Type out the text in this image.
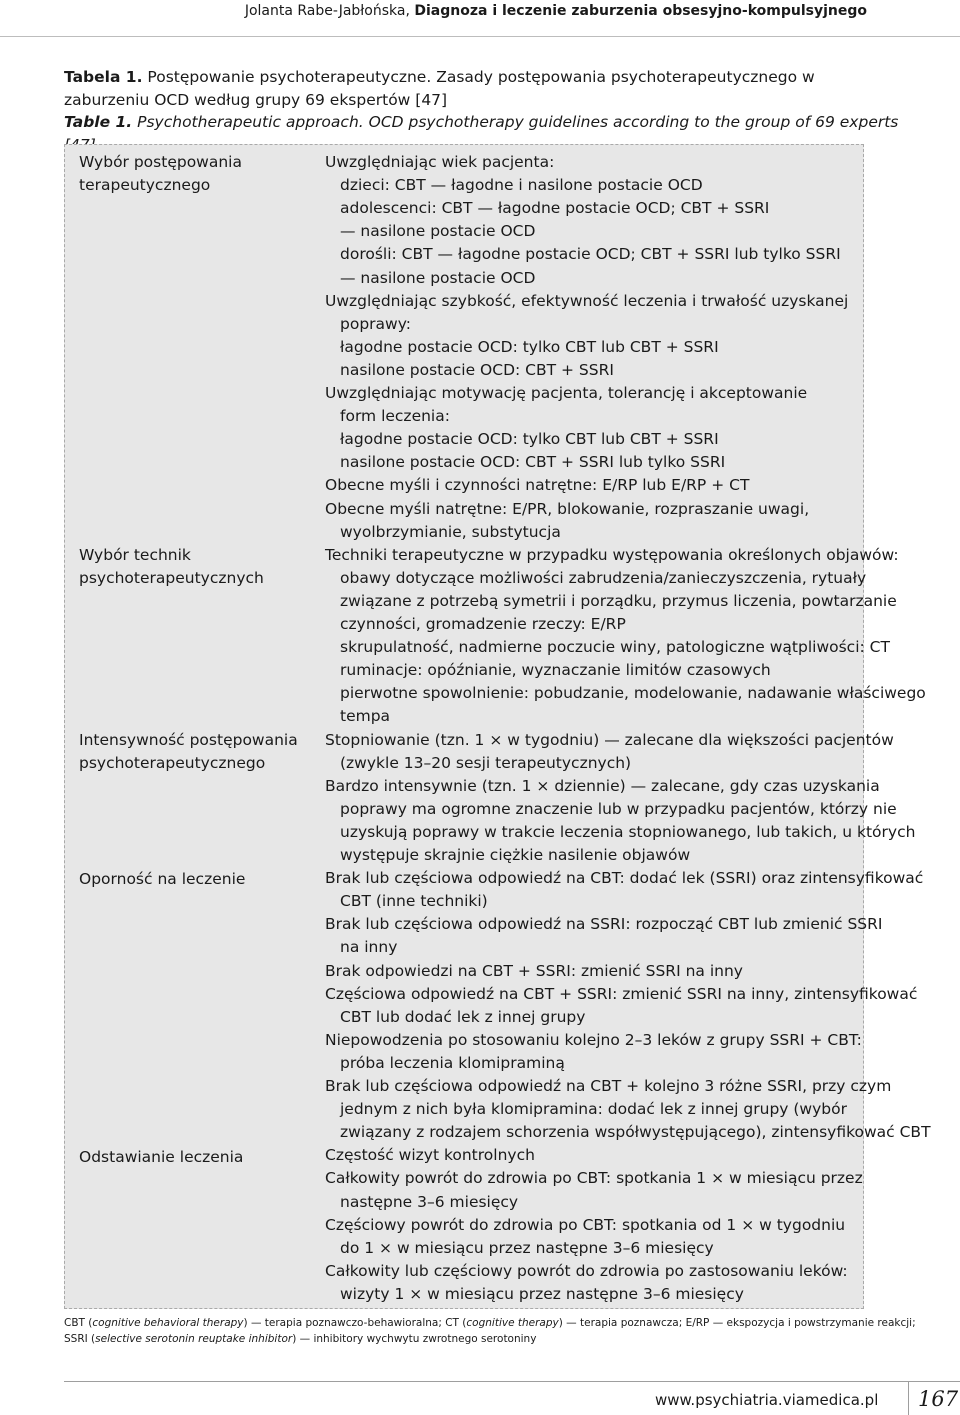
Jolanta Rabe-Jabłońska, Diagnoza i leczenie zaburzenia obsesyjno-kompulsyjnego
Tabela 1. Postępowanie psychoterapeutyczne. Zasady postępowania psychoterapeutycznego w zaburzeniu OCD według grupy 69 ekspertów [47]
Table 1. Psychotherapeutic approach. OCD psychotherapy guidelines according to the group of 69 experts
Wybór postępowania
terapeutycznego
Wybór technik
psychoterapeutycznych
Intensywność postępowania
psychoterapeutycznego
Oporność na leczenie
Odstawianie leczenia
Uwzględniając wiek pacjenta:
dzieci: CBT — łagodne i nasilone postacie OCD
adolescenci: CBT — łagodne postacie OCD; CBT + SSRI
— nasilone postacie OCD
dorośli: CBT — łagodne postacie OCD; CBT + SSRI lub tylko SSRI
— nasilone postacie OCD
Uwzględniając szybkość, efektywność leczenia i trwałość uzyskanej
poprawy:
łagodne postacie OCD: tylko CBT lub CBT + SSRI
nasilone postacie OCD: CBT + SSRI
Uwzględniając motywację pacjenta, tolerancję i akceptowanie
form leczenia:
łagodne postacie OCD: tylko CBT lub CBT + SSRI
nasilone postacie OCD: CBT + SSRI lub tylko SSRI
Obecne myśli i czynności natrętne: E/RP lub E/RP + CT
Obecne myśli natrętne: E/PR, blokowanie, rozpraszanie uwagi,
wyolbrzymianie, substytucja
Techniki terapeutyczne w przypadku występowania określonych objawów:
obawy dotyczące możliwości zabrudzenia/zanieczyszczenia, rytuały
związane z potrzebą symetrii i porządku, przymus liczenia, powtarzanie
czynności, gromadzenie rzeczy: E/RP
skrupulatność, nadmierne poczucie winy, patologiczne wątpliwości: CT
ruminacje: opóźnianie, wyznaczanie limitów czasowych
pierwotne spowolnienie: pobudzanie, modelowanie, nadawanie właściwego
tempa
Stopniowanie (tzn. 1 × w tygodniu) — zalecane dla większości pacjentów
(zwykle 13–20 sesji terapeutycznych)
Bardzo intensywnie (tzn. 1 × dziennie) — zalecane, gdy czas uzyskania
poprawy ma ogromne znaczenie lub w przypadku pacjentów, którzy nie
uzyskują poprawy w trakcie leczenia stopniowanego, lub takich, u których
występuje skrajnie ciężkie nasilenie objawów
Brak lub częściowa odpowiedź na CBT: dodać lek (SSRI) oraz zintensyfikować
CBT (inne techniki)
Brak lub częściowa odpowiedź na SSRI: rozpocząć CBT lub zmienić SSRI
na inny
Brak odpowiedzi na CBT + SSRI: zmienić SSRI na inny
Częściowa odpowiedź na CBT + SSRI: zmienić SSRI na inny, zintensyfikować
CBT lub dodać lek z innej grupy
Niepowodzenia po stosowaniu kolejno 2–3 leków z grupy SSRI + CBT:
próba leczenia klomipraminą
Brak lub częściowa odpowiedź na CBT + kolejno 3 różne SSRI, przy czym
jednym z nich była klomipramina: dodać lek z innej grupy (wybór
związany z rodzajem schorzenia współwystępującego), zintensyfikować CBT
Częstość wizyt kontrolnych
Całkowity powrót do zdrowia po CBT: spotkania 1 × w miesiącu przez
następne 3–6 miesięcy
Częściowy powrót do zdrowia po CBT: spotkania od 1 × w tygodniu
do 1 × w miesiącu przez następne 3–6 miesięcy
Całkowity lub częściowy powrót do zdrowia po zastosowaniu leków:
wizyty 1 × w miesiącu przez następne 3–6 miesięcy
CBT (cognitive behavioral therapy) — terapia poznawczo-behawioralna; CT (cognitive therapy) — terapia poznawcza; E/RP — ekspozycja i powstrzymanie reakcji;
SSRI (selective serotonin reuptake inhibitor) — inhibitory wychwytu zwrotnego serotoniny
www.psychiatria.viamedica.pl 167
